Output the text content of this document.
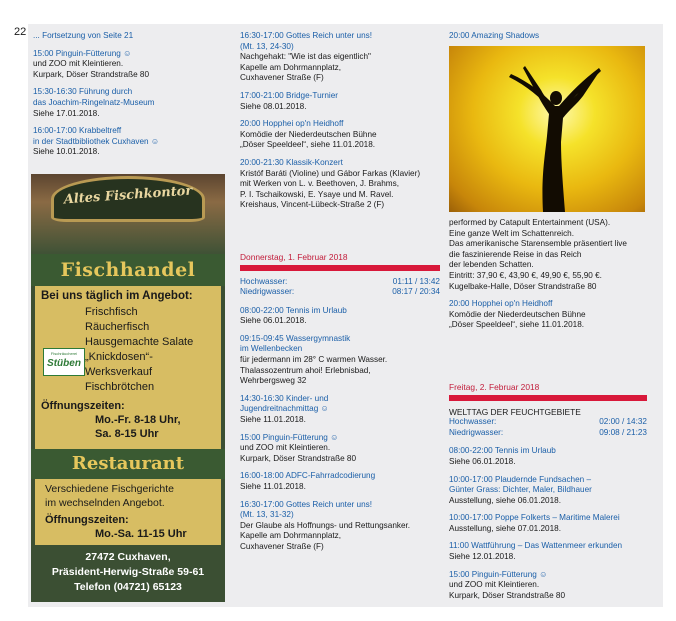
22 ... Fortsetzung von Seite 21
15:00 Pinguin-Fütterung ☺
und ZOO mit Kleintieren.
Kurpark, Döser Strandstraße 80
15:30-16:30 Führung durch
das Joachim-Ringelnatz-Museum
Siehe 17.01.2018.
16:00-17:00 Krabbeltreff
in der Stadtbibliothek Cuxhaven ☺
Siehe 10.01.2018.
Altes Fischkontor
Fischhandel
Bei uns täglich im Angebot:
Frischfisch
Räucherfisch
Hausgemachte Salate
„Knickdosen“-
Werksverkauf
Fischbrötchen
Öffnungszeiten:
Mo.-Fr. 8-18 Uhr,
Sa. 8-15 Uhr
Fischräucherei
Stüben
Restaurant
Verschiedene Fischgerichte
im wechselnden Angebot.
Öffnungszeiten:
Mo.-Sa. 11-15 Uhr
27472 Cuxhaven,
Präsident-Herwig-Straße 59-61
Telefon (04721) 65123
16:30-17:00 Gottes Reich unter uns!
(Mt. 13, 24-30)
Nachgehakt: "Wie ist das eigentlich"
Kapelle am Dohrmannplatz,
Cuxhavener Straße (F)
17:00-21:00 Bridge-Turnier
Siehe 08.01.2018.
20:00 Hopphei op'n Heidhoff
Komödie der Niederdeutschen Bühne
„Döser Speeldeel“, siehe 11.01.2018.
20:00-21:30 Klassik-Konzert
Kristóf Baráti (Violine) und Gábor Farkas (Klavier)
mit Werken von L. v. Beethoven, J. Brahms,
P. I. Tschaikowski, E. Ysaye und M. Ravel.
Kreishaus, Vincent-Lübeck-Straße 2 (F)
Donnerstag, 1. Februar 2018
Hochwasser:	01:11 / 13:42
Niedrigwasser:	08:17 / 20:34
08:00-22:00 Tennis im Urlaub
Siehe 06.01.2018.
09:15-09:45 Wassergymnastik
im Wellenbecken
für jedermann im 28° C warmen Wasser.
Thalassozentrum ahoi! Erlebnisbad,
Wehrbergsweg 32
14:30-16:30 Kinder- und
Jugendreitnachmittag ☺
Siehe 11.01.2018.
15:00 Pinguin-Fütterung ☺
und ZOO mit Kleintieren.
Kurpark, Döser Strandstraße 80
16:00-18:00 ADFC-Fahrradcodierung
Siehe 11.01.2018.
16:30-17:00 Gottes Reich unter uns!
(Mt. 13, 31-32)
Der Glaube als Hoffnungs- und Rettungsanker.
Kapelle am Dohrmannplatz,
Cuxhavener Straße (F)
20:00 Amazing Shadows
performed by Catapult Entertainment (USA).
Eine ganze Welt im Schattenreich.
Das amerikanische Starensemble präsentiert live
die faszinierende Reise in das Reich
der lebenden Schatten.
Eintritt: 37,90 €, 43,90 €, 49,90 €, 55,90 €.
Kugelbake-Halle, Döser Strandstraße 80
20:00 Hopphei op'n Heidhoff
Komödie der Niederdeutschen Bühne
„Döser Speeldeel“, siehe 11.01.2018.
Freitag, 2. Februar 2018
WELTTAG DER FEUCHTGEBIETE
Hochwasser:	02:00 / 14:32
Niedrigwasser:	09:08 / 21:23
08:00-22:00 Tennis im Urlaub
Siehe 06.01.2018.
10:00-17:00 Plaudernde Fundsachen –
Günter Grass: Dichter, Maler, Bildhauer
Ausstellung, siehe 06.01.2018.
10:00-17:00 Poppe Folkerts – Maritime Malerei
Ausstellung, siehe 07.01.2018.
11:00 Wattführung – Das Wattenmeer erkunden
Siehe 12.01.2018.
15:00 Pinguin-Fütterung ☺
und ZOO mit Kleintieren.
Kurpark, Döser Strandstraße 80
